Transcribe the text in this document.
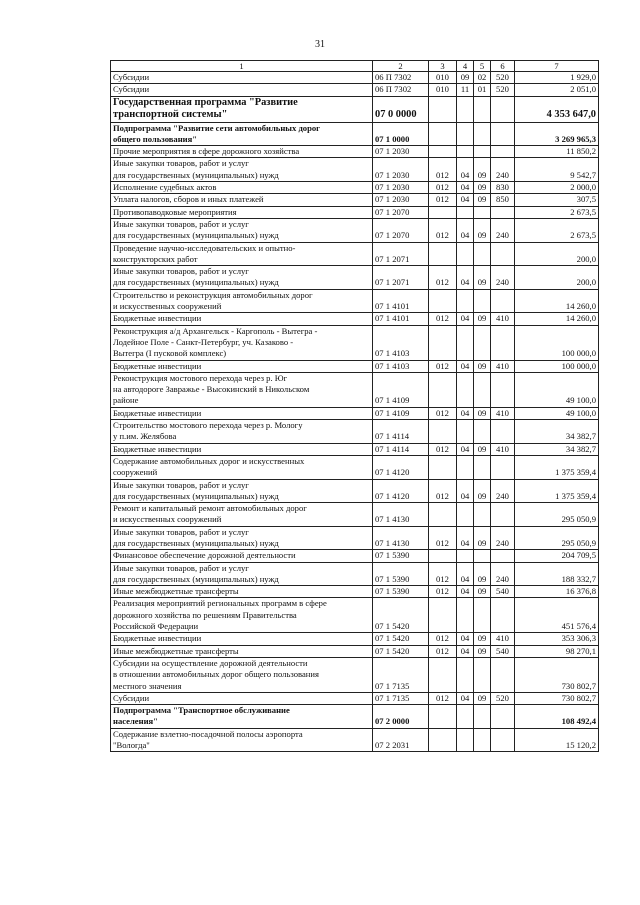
31
1	2	3	4	5	6	7
Субсидии	06 П 7302	010	09	02	520	1 929,0
Субсидии	06 П 7302	010	11	01	520	2 051,0
Государственная программа "Развитие
транспортной системы"	07 0 0000					4 353 647,0
Подпрограмма "Развитие сети автомобильных дорог
общего пользования"	07 1 0000					3 269 965,3
Прочие мероприятия в сфере дорожного хозяйства	07 1 2030					11 850,2
Иные закупки товаров, работ и услуг
для государственных (муниципальных) нужд	07 1 2030	012	04	09	240	9 542,7
Исполнение судебных актов	07 1 2030	012	04	09	830	2 000,0
Уплата налогов, сборов и иных платежей	07 1 2030	012	04	09	850	307,5
Противопаводковые мероприятия	07 1 2070					2 673,5
Иные закупки товаров, работ и услуг
для государственных (муниципальных) нужд	07 1 2070	012	04	09	240	2 673,5
Проведение научно-исследовательских и опытно-
конструкторских работ	07 1 2071					200,0
Иные закупки товаров, работ и услуг
для государственных (муниципальных) нужд	07 1 2071	012	04	09	240	200,0
Строительство и реконструкция автомобильных дорог
и искусственных сооружений	07 1 4101					14 260,0
Бюджетные инвестиции	07 1 4101	012	04	09	410	14 260,0
Реконструкция а/д Архангельск - Каргополь - Вытегра -
Лодейное Поле - Санкт-Петербург, уч. Казаково -
Вытегра (I пусковой комплекс)	07 1 4103					100 000,0
Бюджетные инвестиции	07 1 4103	012	04	09	410	100 000,0
Реконструкция мостового перехода через р. Юг
на автодороге Завражье - Высокинский в Никольском
районе	07 1 4109					49 100,0
Бюджетные инвестиции	07 1 4109	012	04	09	410	49 100,0
Строительство мостового перехода через р. Мологу
у п.им. Желябова	07 1 4114					34 382,7
Бюджетные инвестиции	07 1 4114	012	04	09	410	34 382,7
Содержание автомобильных дорог и искусственных
сооружений	07 1 4120					1 375 359,4
Иные закупки товаров, работ и услуг
для государственных (муниципальных) нужд	07 1 4120	012	04	09	240	1 375 359,4
Ремонт и капитальный ремонт автомобильных дорог
и искусственных сооружений	07 1 4130					295 050,9
Иные закупки товаров, работ и услуг
для государственных (муниципальных) нужд	07 1 4130	012	04	09	240	295 050,9
Финансовое обеспечение дорожной деятельности	07 1 5390					204 709,5
Иные закупки товаров, работ и услуг
для государственных (муниципальных) нужд	07 1 5390	012	04	09	240	188 332,7
Иные межбюджетные трансферты	07 1 5390	012	04	09	540	16 376,8
Реализация мероприятий региональных программ в сфере
дорожного хозяйства по решениям Правительства
Российской Федерации	07 1 5420					451 576,4
Бюджетные инвестиции	07 1 5420	012	04	09	410	353 306,3
Иные межбюджетные трансферты	07 1 5420	012	04	09	540	98 270,1
Субсидии на осуществление дорожной деятельности
в отношении автомобильных дорог общего пользования
местного значения	07 1 7135					730 802,7
Субсидии	07 1 7135	012	04	09	520	730 802,7
Подпрограмма "Транспортное обслуживание
населения"	07 2 0000					108 492,4
Содержание взлетно-посадочной полосы аэропорта
"Вологда"	07 2 2031					15 120,2
